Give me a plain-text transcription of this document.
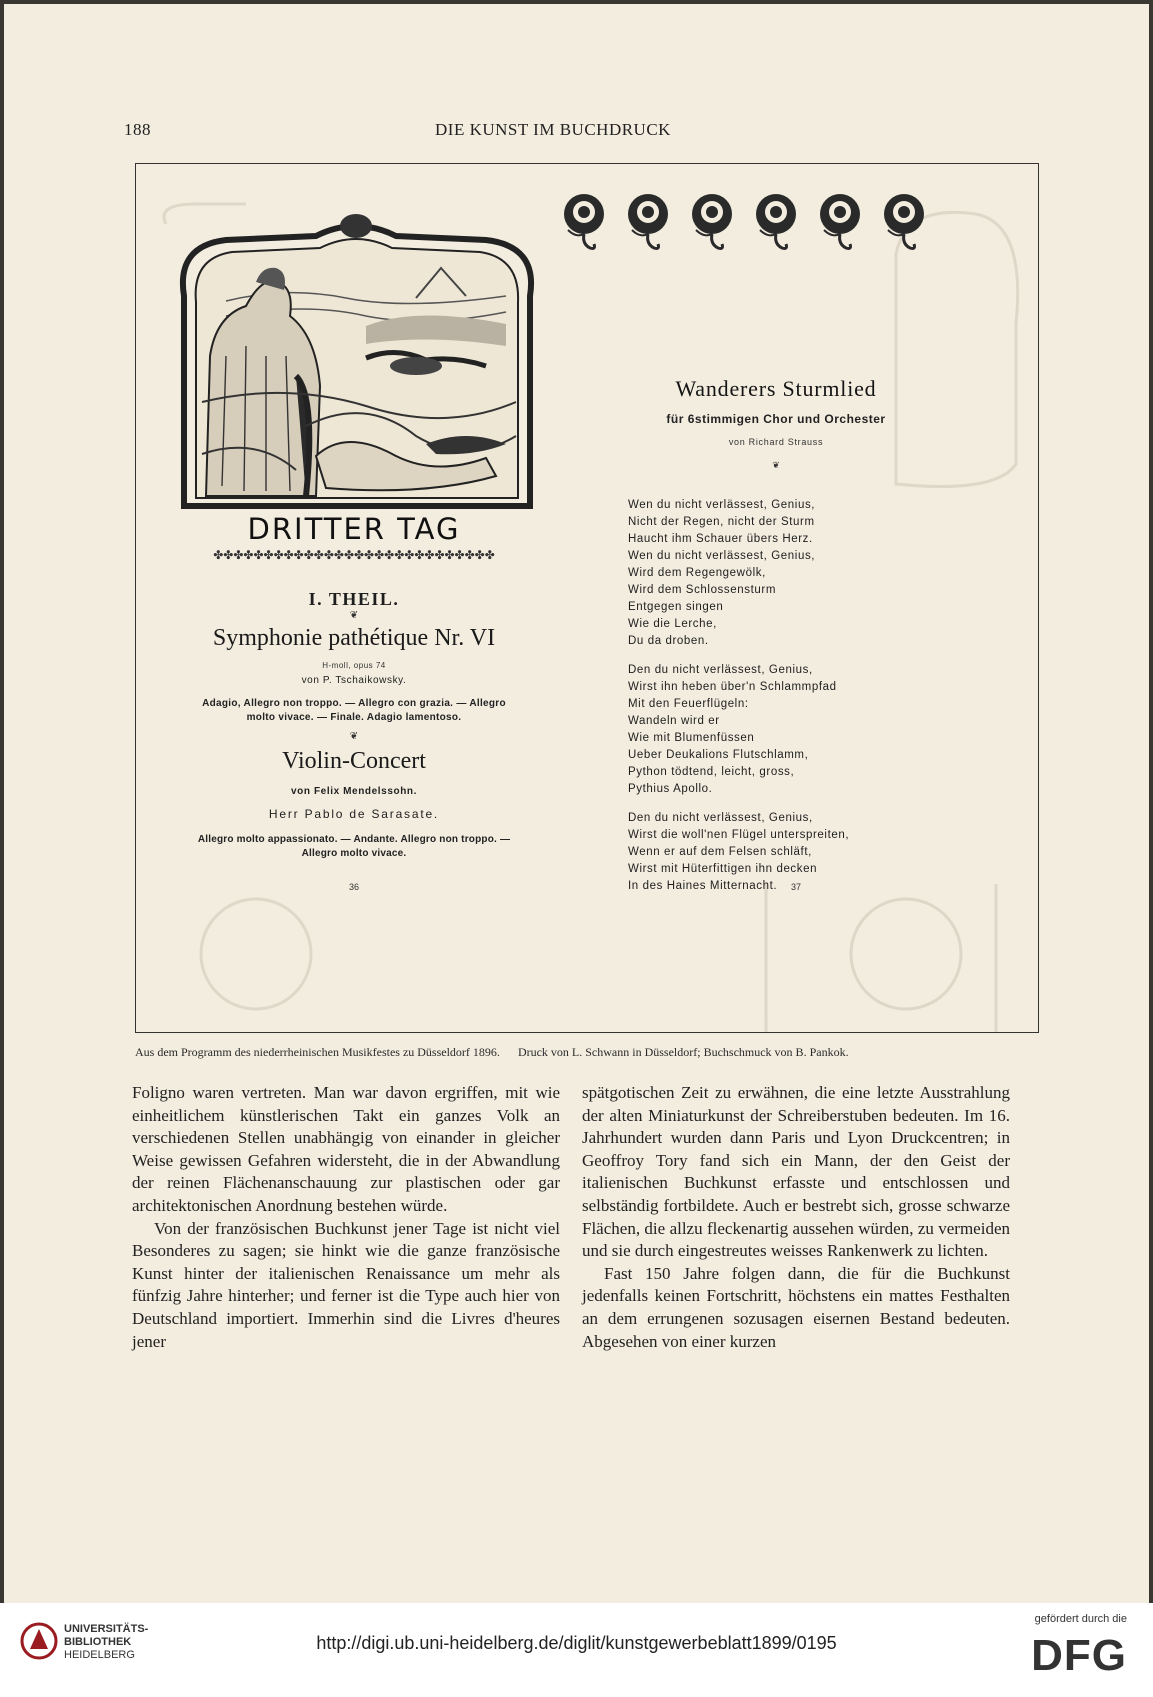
188	DIE KUNST IM BUCHDRUCK
DRITTER TAG
✤✤✤✤✤✤✤✤✤✤✤✤✤✤✤✤✤✤✤✤✤✤✤✤✤✤✤✤
I. THEIL.
❦
Symphonie pathétique Nr. VI
H-moll, opus 74
von P. Tschaikowsky.
Adagio, Allegro non troppo. — Allegro con grazia. — Allegro
molto vivace. — Finale. Adagio lamentoso.
❦
Violin-Concert
von Felix Mendelssohn.
Herr Pablo de Sarasate.
Allegro molto appassionato. — Andante. Allegro non troppo. —
Allegro molto vivace.
36
Wanderers Sturmlied
für 6stimmigen Chor und Orchester
von Richard Strauss
❦
Wen du nicht verlässest, Genius,
Nicht der Regen, nicht der Sturm
Haucht ihm Schauer übers Herz.
Wen du nicht verlässest, Genius,
Wird dem Regengewölk,
Wird dem Schlossensturm
Entgegen singen
Wie die Lerche,
Du da droben.
Den du nicht verlässest, Genius,
Wirst ihn heben über'n Schlammpfad
Mit den Feuerflügeln:
Wandeln wird er
Wie mit Blumenfüssen
Ueber Deukalions Flutschlamm,
Python tödtend, leicht, gross,
Pythius Apollo.
Den du nicht verlässest, Genius,
Wirst die woll'nen Flügel unterspreiten,
Wenn er auf dem Felsen schläft,
Wirst mit Hüterfittigen ihn decken
In des Haines Mitternacht.	37
Aus dem Programm des niederrheinischen Musikfestes zu Düsseldorf 1896. Druck von L. Schwann in Düsseldorf; Buchschmuck von B. Pankok.

Foligno waren vertreten. Man war davon ergriffen, mit wie einheitlichem künstlerischen Takt ein ganzes Volk an verschiedenen Stellen unabhängig von einander in gleicher Weise gewissen Gefahren widersteht, die in der Abwandlung der reinen Flächenanschauung zur plastischen oder gar architektonischen Anordnung bestehen würde.

Von der französischen Buchkunst jener Tage ist nicht viel Besonderes zu sagen; sie hinkt wie die ganze französische Kunst hinter der italienischen Renaissance um mehr als fünfzig Jahre hinterher; und ferner ist die Type auch hier von Deutschland importiert. Immerhin sind die Livres d'heures jener

spätgotischen Zeit zu erwähnen, die eine letzte Ausstrahlung der alten Miniaturkunst der Schreiberstuben bedeuten. Im 16. Jahrhundert wurden dann Paris und Lyon Druckcentren; in Geoffroy Tory fand sich ein Mann, der den Geist der italienischen Buchkunst erfasste und entschlossen und selbständig fortbildete. Auch er bestrebt sich, grosse schwarze Flächen, die allzu fleckenartig aussehen würden, zu vermeiden und sie durch eingestreutes weisses Rankenwerk zu lichten.

Fast 150 Jahre folgen dann, die für die Buchkunst jedenfalls keinen Fortschritt, höchstens ein mattes Festhalten an dem errungenen sozusagen eisernen Bestand bedeuten. Abgesehen von einer kurzen

UNIVERSITÄTS-
BIBLIOTHEK
HEIDELBERG
http://digi.ub.uni-heidelberg.de/diglit/kunstgewerbeblatt1899/0195
gefördert durch die
DFG
